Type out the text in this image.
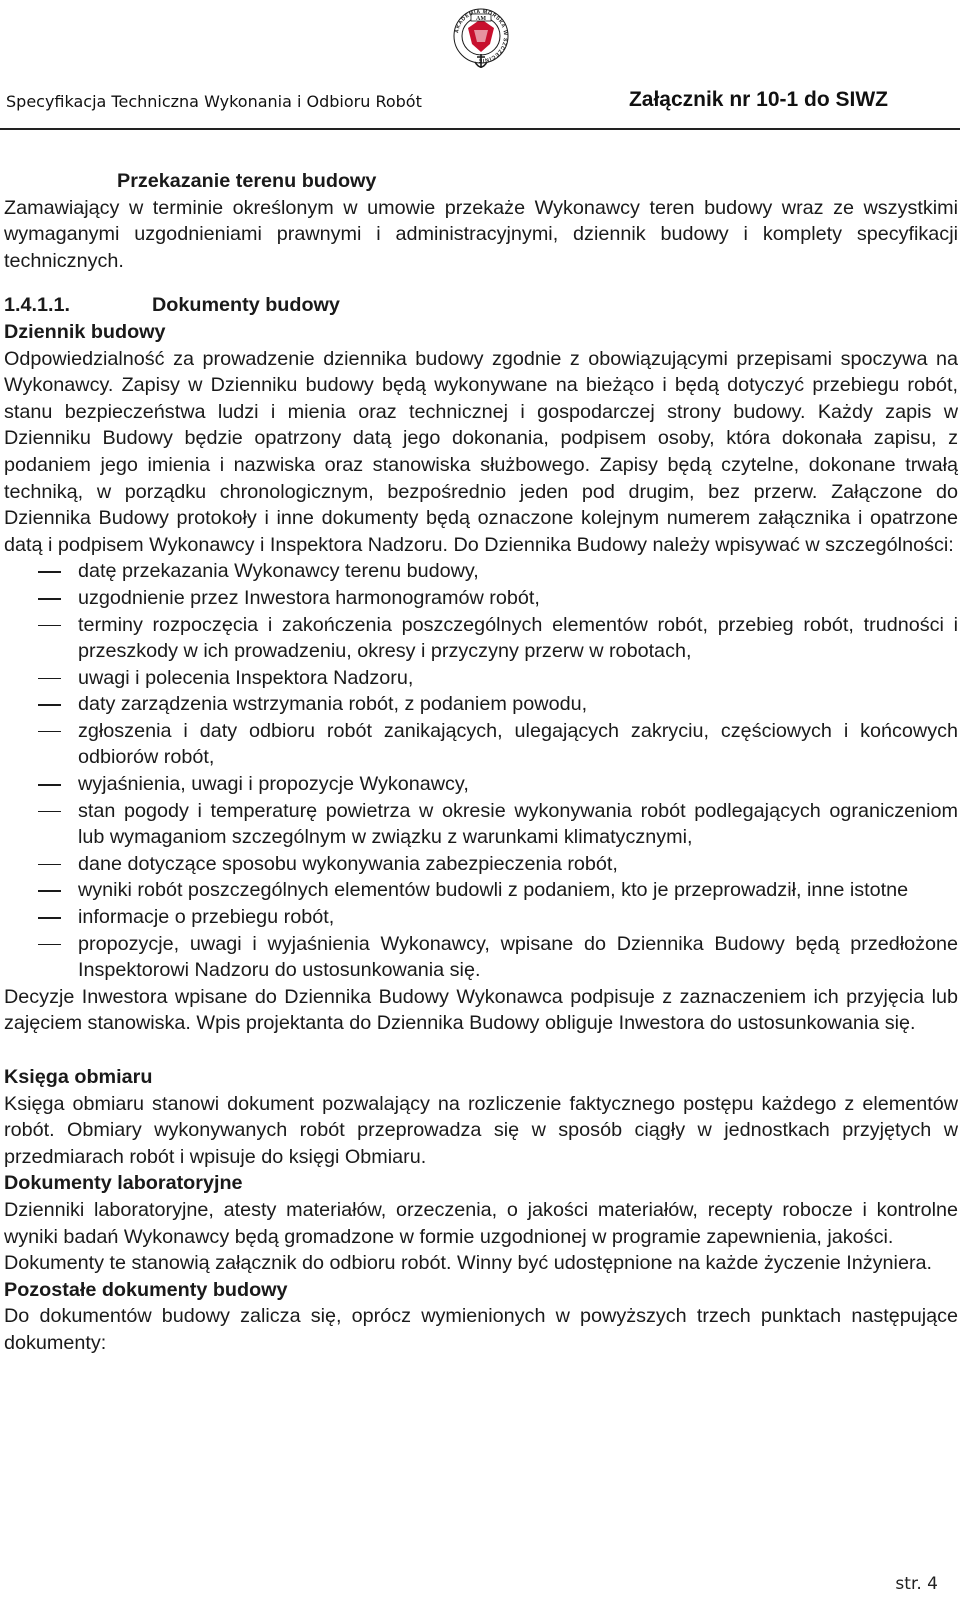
AM
AKADEMIA MORSKA W SZCZECINIE
Specyfikacja Techniczna Wykonania i Odbioru Robót	Załącznik nr 10-1 do SIWZ

Przekazanie terenu budowy

Zamawiający w terminie określonym w umowie przekaże Wykonawcy teren budowy wraz ze wszystkimi wymaganymi uzgodnieniami prawnymi i administracyjnymi, dziennik budowy i komplety specyfikacji technicznych.

1.4.1.1.	Dokumenty budowy

Dziennik budowy

Odpowiedzialność za prowadzenie dziennika budowy zgodnie z obowiązującymi przepisami spoczywa na Wykonawcy. Zapisy w Dzienniku budowy będą wykonywane na bieżąco i będą dotyczyć przebiegu robót, stanu bezpieczeństwa ludzi i mienia oraz technicznej i gospodarczej strony budowy. Każdy zapis w Dzienniku Budowy będzie opatrzony datą jego dokonania, podpisem osoby, która dokonała zapisu, z podaniem jego imienia i nazwiska oraz stanowiska służbowego. Zapisy będą czytelne, dokonane trwałą techniką, w porządku chronologicznym, bezpośrednio jeden pod drugim, bez przerw. Załączone do Dziennika Budowy protokoły i inne dokumenty będą oznaczone kolejnym numerem załącznika i opatrzone datą i podpisem Wykonawcy i Inspektora Nadzoru. Do Dziennika Budowy należy wpisywać w szczególności:

datę przekazania Wykonawcy terenu budowy,
uzgodnienie przez Inwestora harmonogramów robót,
terminy rozpoczęcia i zakończenia poszczególnych elementów robót, przebieg robót, trudności i przeszkody w ich prowadzeniu, okresy i przyczyny przerw w robotach,
uwagi i polecenia Inspektora Nadzoru,
daty zarządzenia wstrzymania robót, z podaniem powodu,
zgłoszenia i daty odbioru robót zanikających, ulegających zakryciu, częściowych i końcowych odbiorów robót,
wyjaśnienia, uwagi i propozycje Wykonawcy,
stan pogody i temperaturę powietrza w okresie wykonywania robót podlegających ograniczeniom lub wymaganiom szczególnym w związku z warunkami klimatycznymi,
dane dotyczące sposobu wykonywania zabezpieczenia robót,
wyniki robót poszczególnych elementów budowli z podaniem, kto je przeprowadził, inne istotne
informacje o przebiegu robót,
propozycje, uwagi i wyjaśnienia Wykonawcy, wpisane do Dziennika Budowy będą przedłożone Inspektorowi Nadzoru do ustosunkowania się.

Decyzje Inwestora wpisane do Dziennika Budowy Wykonawca podpisuje z zaznaczeniem ich przyjęcia lub zajęciem stanowiska. Wpis projektanta do Dziennika Budowy obliguje Inwestora do ustosunkowania się.

Księga obmiaru

Księga obmiaru stanowi dokument pozwalający na rozliczenie faktycznego postępu każdego z elementów robót. Obmiary wykonywanych robót przeprowadza się w sposób ciągły w jednostkach przyjętych w przedmiarach robót i wpisuje do księgi Obmiaru.

Dokumenty laboratoryjne

Dzienniki laboratoryjne, atesty materiałów, orzeczenia, o jakości materiałów, recepty robocze i kontrolne wyniki badań Wykonawcy będą gromadzone w formie uzgodnionej w programie zapewnienia, jakości.

Dokumenty te stanowią załącznik do odbioru robót. Winny być udostępnione na każde życzenie Inżyniera.

Pozostałe dokumenty budowy

Do dokumentów budowy zalicza się, oprócz wymienionych w powyższych trzech punktach następujące dokumenty:

str. 4
